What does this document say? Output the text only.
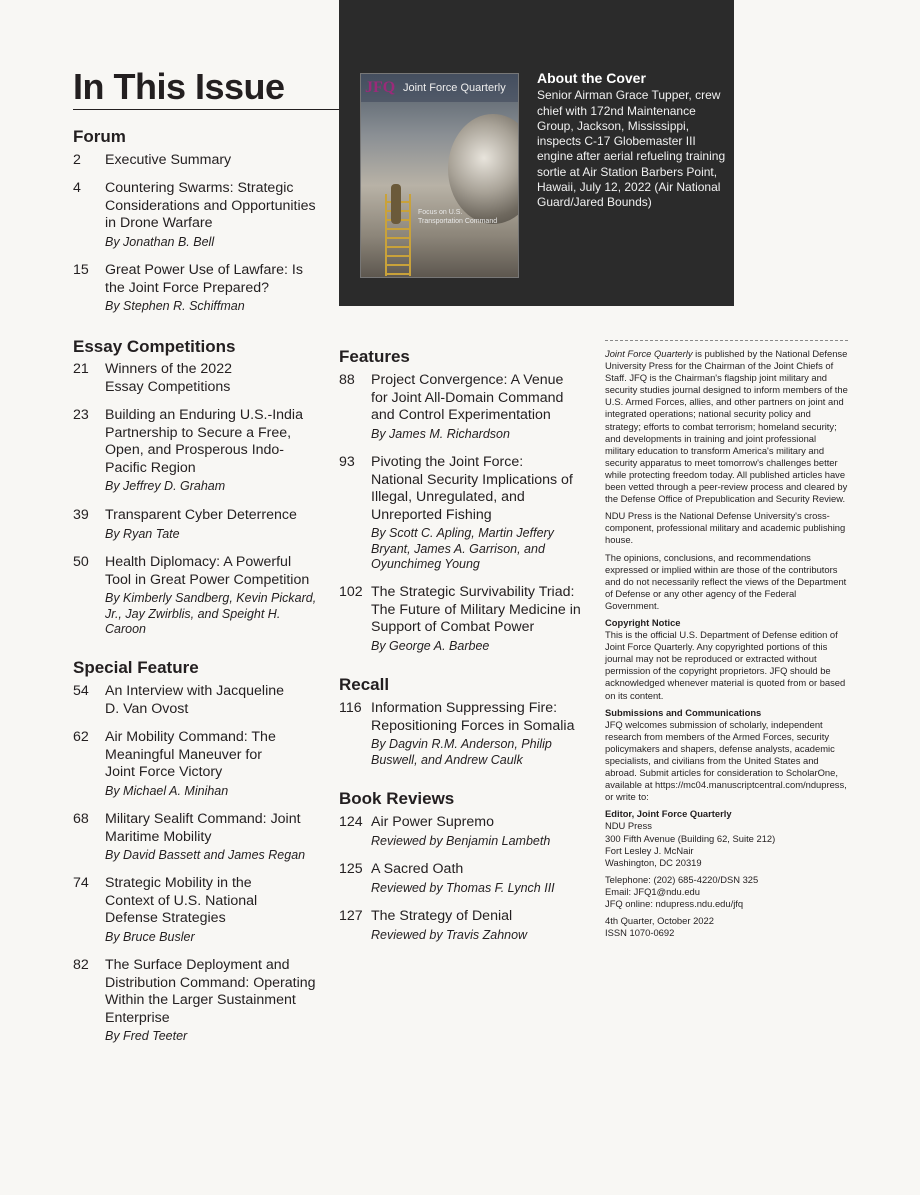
In This Issue	JFQ Joint Force Quarterly
Focus on U.S. Transportation Command
About the Cover
Senior Airman Grace Tupper, crew chief with 172nd Maintenance Group, Jackson, Mississippi, inspects C-17 Globemaster III engine after aerial refueling training sortie at Air Station Barbers Point, Hawaii, July 12, 2022 (Air National Guard/Jared Bounds)
Forum
2 Executive Summary
4 Countering Swarms: Strategic Considerations and Opportunities in Drone Warfare
By Jonathan B. Bell
15 Great Power Use of Lawfare: Is the Joint Force Prepared?
By Stephen R. Schiffman
Essay Competitions
21 Winners of the 2022 Essay Competitions
23 Building an Enduring U.S.-India Partnership to Secure a Free, Open, and Prosperous Indo-Pacific Region
By Jeffrey D. Graham
39 Transparent Cyber Deterrence
By Ryan Tate
50 Health Diplomacy: A Powerful Tool in Great Power Competition
By Kimberly Sandberg, Kevin Pickard, Jr., Jay Zwirblis, and Speight H. Caroon
Special Feature
54 An Interview with Jacqueline D. Van Ovost
62 Air Mobility Command: The Meaningful Maneuver for Joint Force Victory
By Michael A. Minihan
68 Military Sealift Command: Joint Maritime Mobility
By David Bassett and James Regan
74 Strategic Mobility in the Context of U.S. National Defense Strategies
By Bruce Busler
82 The Surface Deployment and Distribution Command: Operating Within the Larger Sustainment Enterprise
By Fred Teeter
Features
88 Project Convergence: A Venue for Joint All-Domain Command and Control Experimentation
By James M. Richardson
93 Pivoting the Joint Force: National Security Implications of Illegal, Unregulated, and Unreported Fishing
By Scott C. Apling, Martin Jeffery Bryant, James A. Garrison, and Oyunchimeg Young
102 The Strategic Survivability Triad: The Future of Military Medicine in Support of Combat Power
By George A. Barbee
Recall
116 Information Suppressing Fire: Repositioning Forces in Somalia
By Dagvin R.M. Anderson, Philip Buswell, and Andrew Caulk
Book Reviews
124 Air Power Supremo
Reviewed by Benjamin Lambeth
125 A Sacred Oath
Reviewed by Thomas F. Lynch III
127 The Strategy of Denial
Reviewed by Travis Zahnow

Joint Force Quarterly is published by the National Defense University Press for the Chairman of the Joint Chiefs of Staff. JFQ is the Chairman's flagship joint military and security studies journal designed to inform members of the U.S. Armed Forces, allies, and other partners on joint and integrated operations; national security policy and strategy; efforts to combat terrorism; homeland security; and developments in training and joint professional military education to transform America's military and security apparatus to meet tomorrow's challenges better while protecting freedom today. All published articles have been vetted through a peer-review process and cleared by the Defense Office of Prepublication and Security Review.

NDU Press is the National Defense University's cross-component, professional military and academic publishing house.

The opinions, conclusions, and recommendations expressed or implied within are those of the contributors and do not necessarily reflect the views of the Department of Defense or any other agency of the Federal Government.

Copyright Notice

This is the official U.S. Department of Defense edition of Joint Force Quarterly. Any copyrighted portions of this journal may not be reproduced or extracted without permission of the copyright proprietors. JFQ should be acknowledged whenever material is quoted from or based on its content.

Submissions and Communications

JFQ welcomes submission of scholarly, independent research from members of the Armed Forces, security policymakers and shapers, defense analysts, academic specialists, and civilians from the United States and abroad. Submit articles for consideration to ScholarOne, available at https://mc04.manuscriptcentral.com/ndupress, or write to:

Editor, Joint Force Quarterly

NDU Press
300 Fifth Avenue (Building 62, Suite 212)
Fort Lesley J. McNair
Washington, DC 20319

Telephone: (202) 685-4220/DSN 325
Email: JFQ1@ndu.edu
JFQ online: ndupress.ndu.edu/jfq

4th Quarter, October 2022
ISSN 1070-0692
